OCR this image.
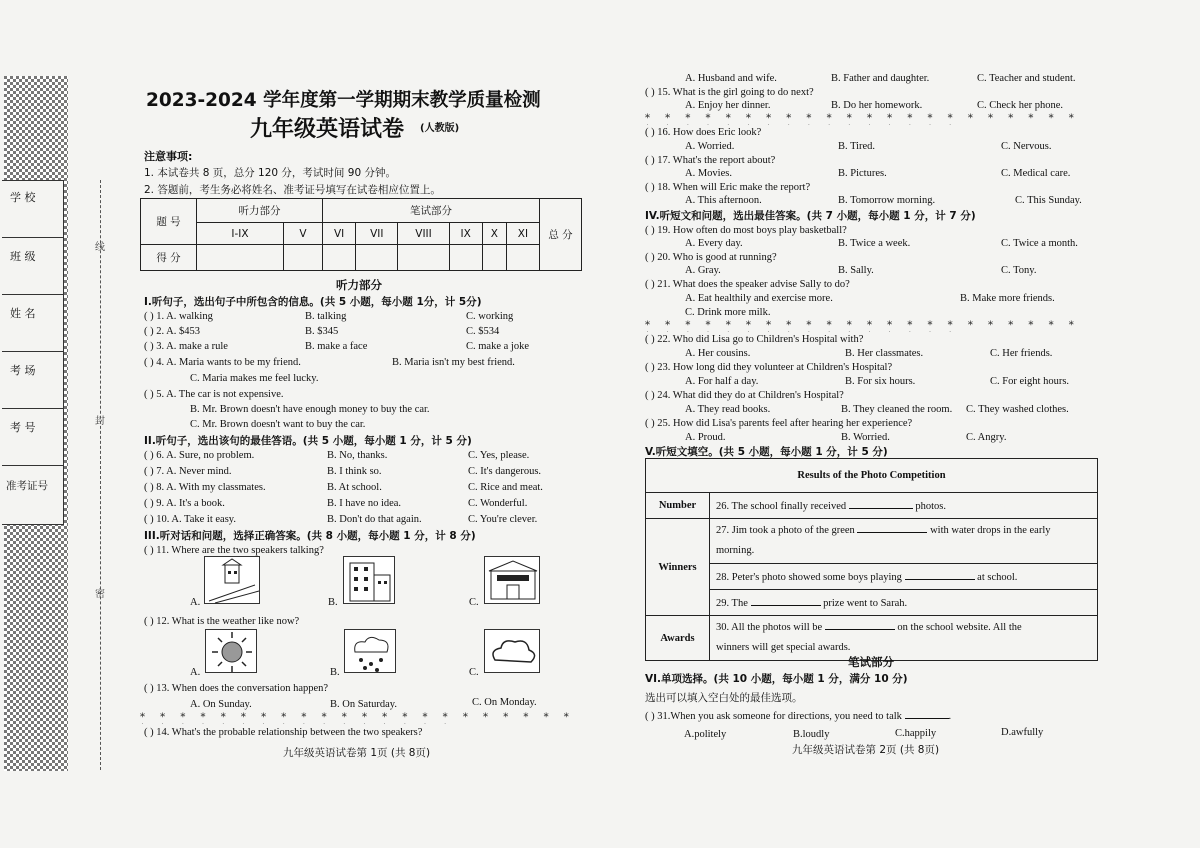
学 校
班 级
姓 名
考 场
考 号
准考证号
线
封
密
2023-2024 学年度第一学期期末教学质量检测
九年级英语试卷 (人教版)
注意事项:
1. 本试卷共 8 页，总分 120 分，考试时间 90 分钟。
2. 答题前，考生务必将姓名、准考证号填写在试卷相应位置上。
题 号	听力部分		笔试部分						总 分
	I-IX	V	VI	VII	VIII	IX	X	XI	
得 分									
听力部分
I.听句子，选出句子中所包含的信息。(共 5 小题，每小题 1分，计 5分)
( ) 1. A. walking	B. talking	C. working
( ) 2. A. $453	B. $345	C. $534
( ) 3. A. make a rule	B. make a face	C. make a joke
( ) 4. A. Maria wants to be my friend.	B. Maria isn't my best friend.
C. Maria makes me feel lucky.
( ) 5. A. The car is not expensive.
B. Mr. Brown doesn't have enough money to buy the car.
C. Mr. Brown doesn't want to buy the car.
II.听句子，选出该句的最佳答语。(共 5 小题，每小题 1 分，计 5 分)
( ) 6. A. Sure, no problem.	B. No, thanks.	C. Yes, please.
( ) 7. A. Never mind.	B. I think so.	C. It's dangerous.
( ) 8. A. With my classmates.	B. At school.	C. Rice and meat.
( ) 9. A. It's a book.	B. I have no idea.	C. Wonderful.
( ) 10. A. Take it easy.	B. Don't do that again.	C. You're clever.
III.听对话和问题，选择正确答案。(共 8 小题，每小题 1 分，计 8 分)
( ) 11. Where are the two speakers talking?
A.	B.	C.
( ) 12. What is the weather like now?
A.	B.	C.
( ) 13. When does the conversation happen?
A. On Sunday.	B. On Saturday.	C. On Monday.
* * * * * * * * * * * * * * * * * * * * * *
( ) 14. What's the probable relationship between the two speakers?
九年级英语试卷第 1页 (共 8页)
A. Husband and wife.	B. Father and daughter.	C. Teacher and student.
( ) 15. What is the girl going to do next?
A. Enjoy her dinner.	B. Do her homework.	C. Check her phone.
* * * * * * * * * * * * * * * * * * * * * *
( ) 16. How does Eric look?
A. Worried.	B. Tired.	C. Nervous.
( ) 17. What's the report about?
A. Movies.	B. Pictures.	C. Medical care.
( ) 18. When will Eric make the report?
A. This afternoon.	B. Tomorrow morning.	C. This Sunday.
IV.听短文和问题，选出最佳答案。(共 7 小题，每小题 1 分，计 7 分)
( ) 19. How often do most boys play basketball?
A. Every day.	B. Twice a week.	C. Twice a month.
( ) 20. Who is good at running?
A. Gray.	B. Sally.	C. Tony.
( ) 21. What does the speaker advise Sally to do?
A. Eat healthily and exercise more.	B. Make more friends.
C. Drink more milk.
* * * * * * * * * * * * * * * * * * * * * *
( ) 22. Who did Lisa go to Children's Hospital with?
A. Her cousins.	B. Her classmates.	C. Her friends.
( ) 23. How long did they volunteer at Children's Hospital?
A. For half a day.	B. For six hours.	C. For eight hours.
( ) 24. What did they do at Children's Hospital?
A. They read books.	B. They cleaned the room. C. They washed clothes.
( ) 25. How did Lisa's parents feel after hearing her experience?
A. Proud.	B. Worried.	C. Angry.
V.听短文填空。(共 5 小题，每小题 1 分，计 5 分)
Results of the Photo Competition	
Number	26. The school finally received photos.
Winners	27. Jim took a photo of the green with water drops in the early
morning.
	28. Peter's photo showed some boys playing at school.
	29. The prize went to Sarah.
Awards	30. All the photos will be on the school website. All the
winners will get special awards.
笔试部分
VI.单项选择。(共 10 小题，每小题 1 分，满分 10 分)
选出可以填入空白处的最佳选项。
( ) 31.When you ask someone for directions, you need to talk	.
A.politely	B.loudly	C.happily	D.awfully
九年级英语试卷第 2页 (共 8页)
